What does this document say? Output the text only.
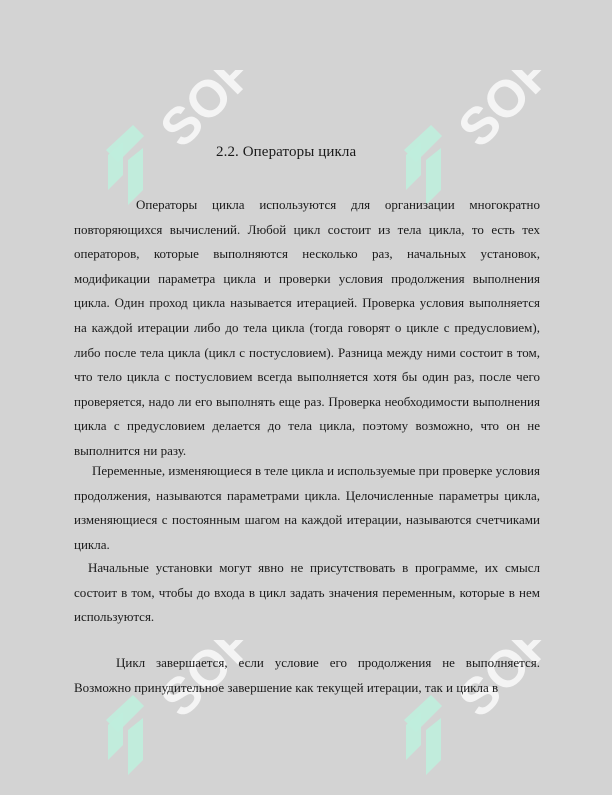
SOFF	SOFF
SOFF	SOFF
2.2. Операторы цикла

Операторы цикла используются для организации многократно повторяющихся вычислений. Любой цикл состоит из тела цикла, то есть тех операторов, которые выполняются несколько раз, начальных установок, модификации параметра цикла и проверки условия продолжения выполнения цикла. Один проход цикла называется итерацией. Проверка условия выполняется на каждой итерации либо до тела цикла (тогда говорят о цикле с предусловием), либо после тела цикла (цикл с постусловием). Разница между ними состоит в том, что тело цикла с постусловием всегда выполняется хотя бы один раз, после чего проверяется, надо ли его выполнять еще раз. Проверка необходимости выполнения цикла с предусловием делается до тела цикла, поэтому возможно, что он не выполнится ни разу.

Переменные, изменяющиеся в теле цикла и используемые при проверке условия продолжения, называются параметрами цикла. Целочисленные параметры цикла, изменяющиеся с постоянным шагом на каждой итерации, называются счетчиками цикла.

Начальные установки могут явно не присутствовать в программе, их смысл состоит в том, чтобы до входа в цикл задать значения переменным, которые в нем используются.

Цикл завершается, если условие его продолжения не выполняется. Возможно принудительное завершение как текущей итерации, так и цикла в
